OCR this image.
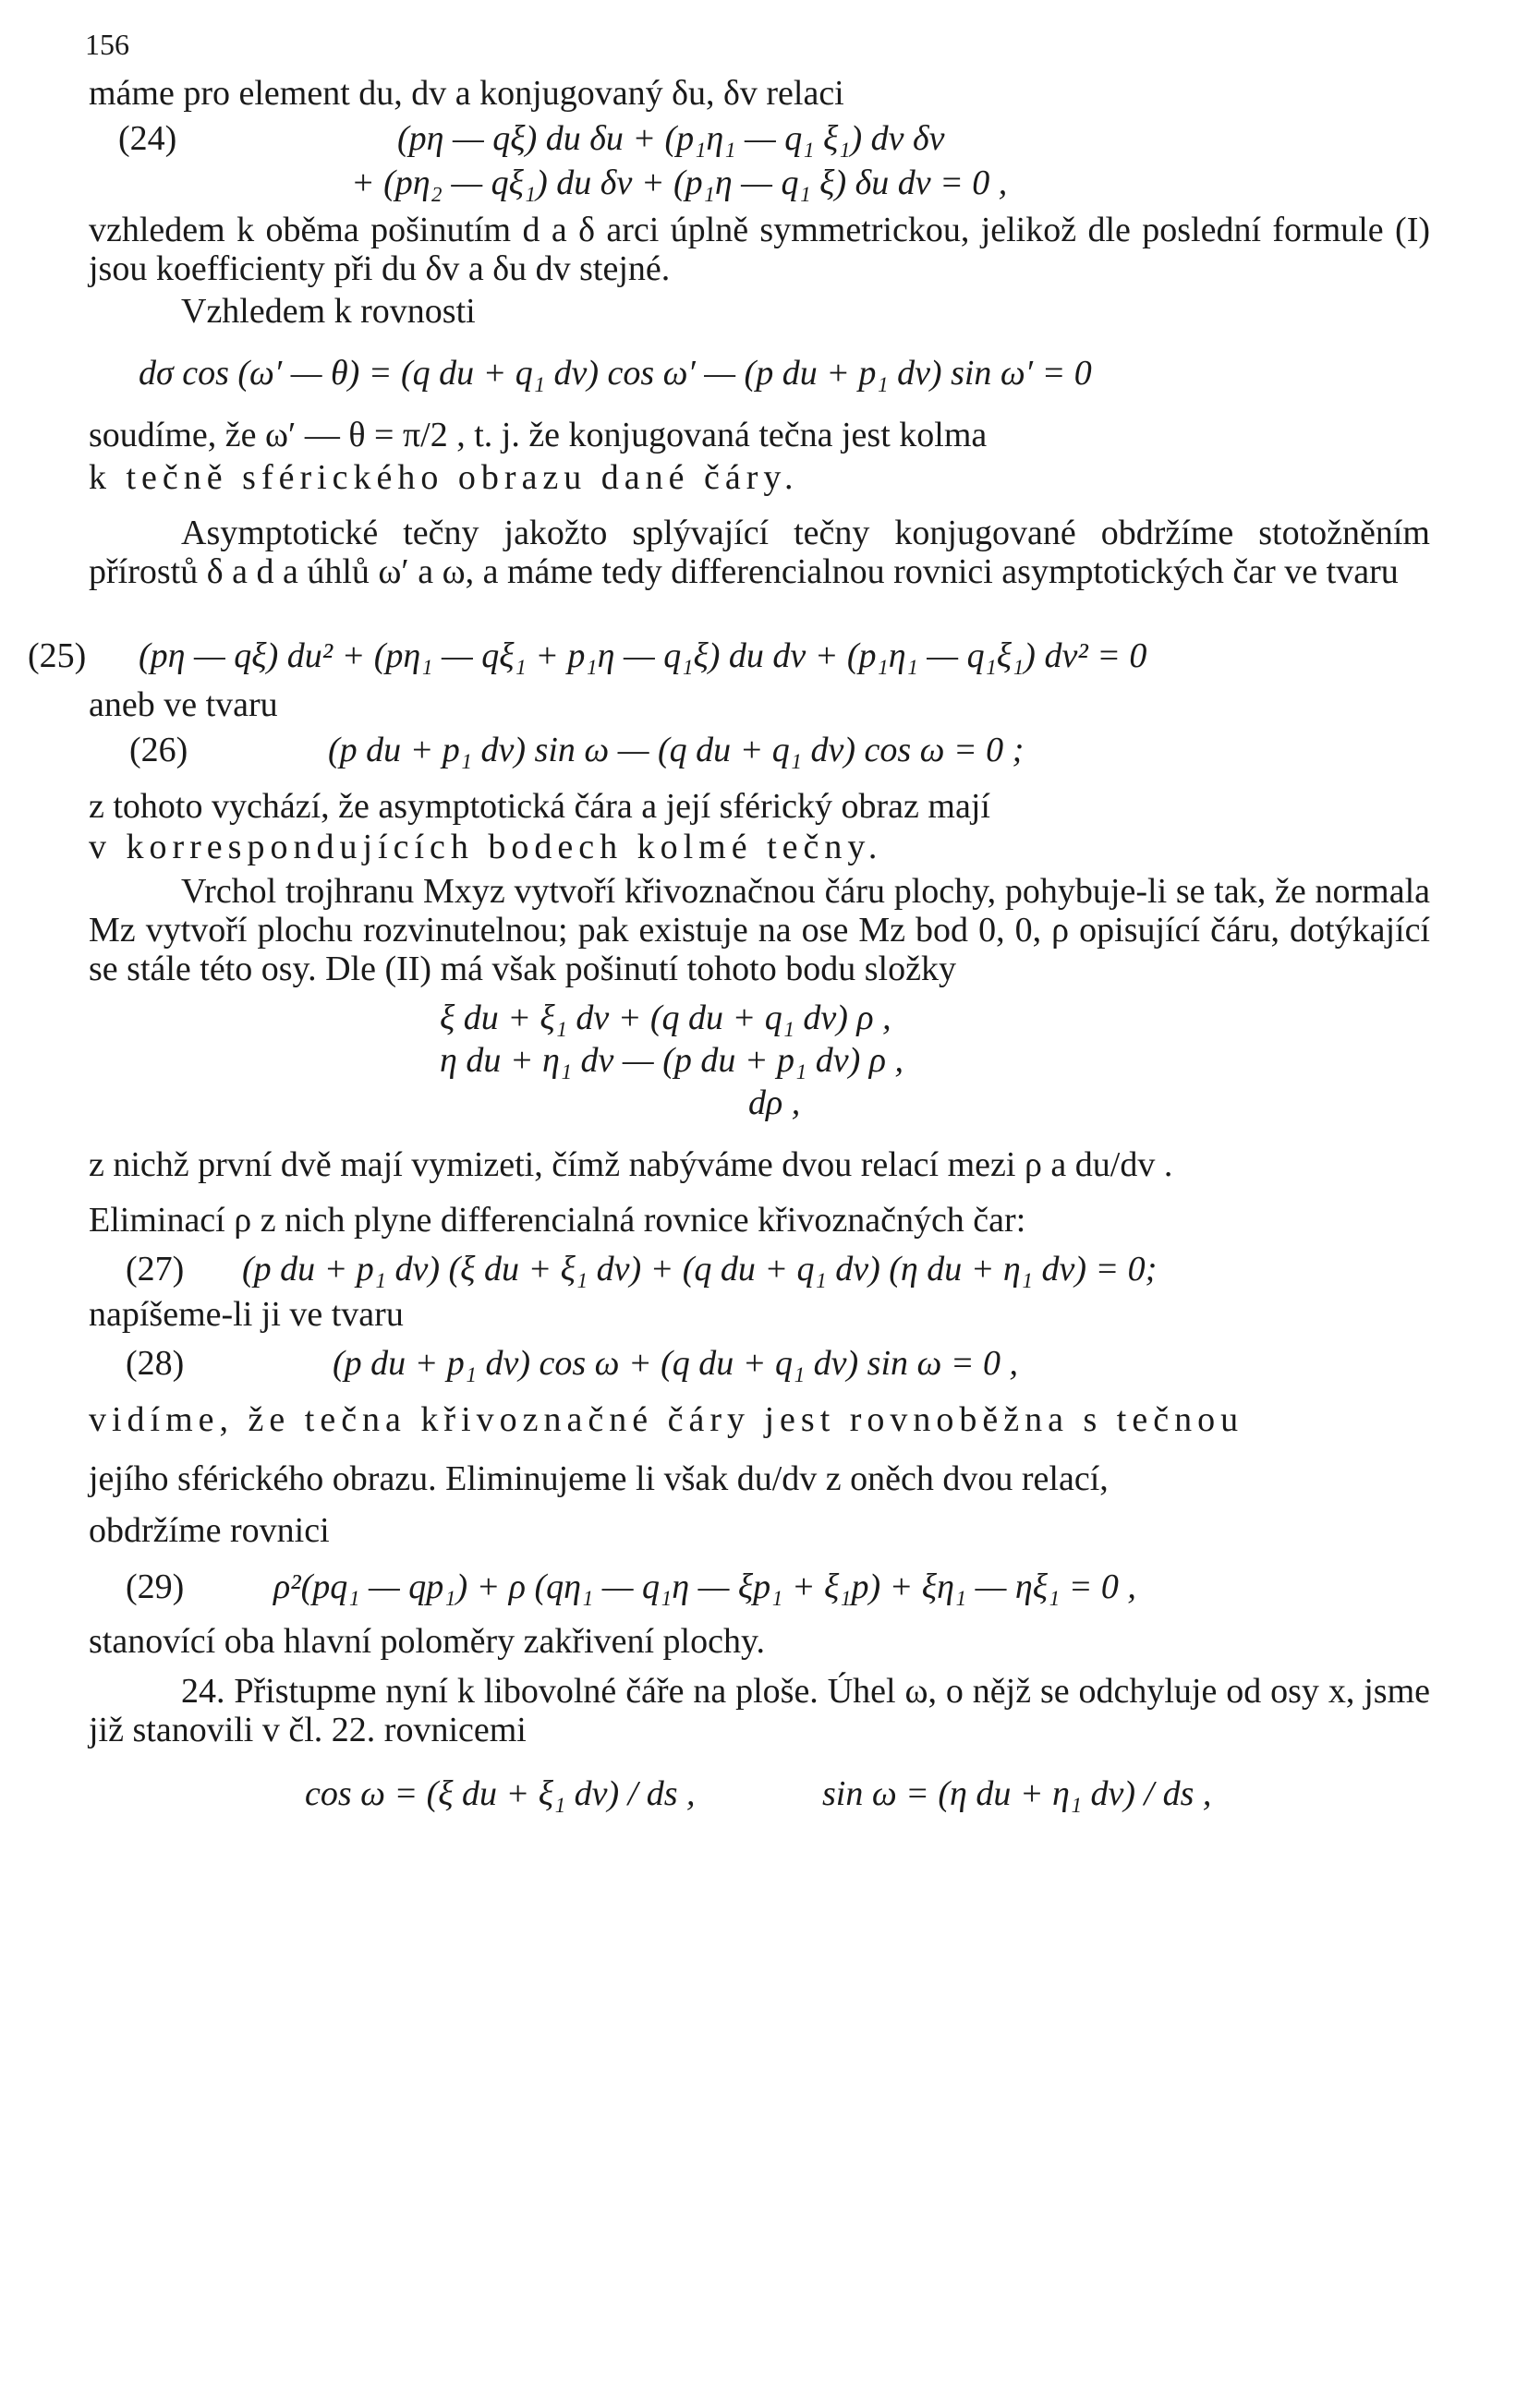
156

máme pro element du, dv a konjugovaný δu, δv relaci

(24)	(pη — qξ) du δu + (p₁η₁ — q₁ ξ₁) dv δv

+ (pη₂ — qξ₁) du δv + (p₁η — q₁ ξ) δu dv = 0 ,

vzhledem k oběma pošinutím d a δ arci úplně symmetrickou, jelikož dle poslední formule (I) jsou koefficienty při du δv a δu dv stejné.

Vzhledem k rovnosti

dσ cos (ω′ — θ) = (q du + q₁ dv) cos ω′ — (p du + p₁ dv) sin ω′ = 0

soudíme, že ω′ — θ = π/2 , t. j. že konjugovaná tečna jest kolma

k tečně sférického obrazu dané čáry.

Asymptotické tečny jakožto splývající tečny konjugované obdržíme stotožněním přírostů δ a d a úhlů ω′ a ω, a máme tedy differencialnou rovnici asymptotických čar ve tvaru

(25) (pη — qξ) du² + (pη₁ — qξ₁ + p₁η — q₁ξ) du dv + (p₁η₁ — q₁ξ₁) dv² = 0

aneb ve tvaru

(26)	(p du + p₁ dv) sin ω — (q du + q₁ dv) cos ω = 0 ;

z tohoto vychází, že asymptotická čára a její sférický obraz mají

v korrespondujících bodech kolmé tečny.

Vrchol trojhranu Mxyz vytvoří křivoznačnou čáru plochy, pohybuje-li se tak, že normala Mz vytvoří plochu rozvinutelnou; pak existuje na ose Mz bod 0, 0, ρ opisující čáru, dotýkající se stále této osy. Dle (II) má však pošinutí tohoto bodu složky

ξ du + ξ₁ dv + (q du + q₁ dv) ρ ,

η du + η₁ dv — (p du + p₁ dv) ρ ,

dρ ,

z nichž první dvě mají vymizeti, čímž nabýváme dvou relací mezi ρ a du/dv .

Eliminací ρ z nich plyne differencialná rovnice křivoznačných čar:

(27) (p du + p₁ dv) (ξ du + ξ₁ dv) + (q du + q₁ dv) (η du + η₁ dv) = 0;

napíšeme-li ji ve tvaru

(28)	(p du + p₁ dv) cos ω + (q du + q₁ dv) sin ω = 0 ,

vidíme, že tečna křivoznačné čáry jest rovnoběžna s tečnou

jejího sférického obrazu. Eliminujeme li však du/dv z oněch dvou relací,

obdržíme rovnici

(29)	ρ²(pq₁ — qp₁) + ρ (qη₁ — q₁η — ξp₁ + ξ₁p) + ξη₁ — ηξ₁ = 0 ,

stanovící oba hlavní poloměry zakřivení plochy.

24. Přistupme nyní k libovolné čáře na ploše. Úhel ω, o nějž se odchyluje od osy x, jsme již stanovili v čl. 22. rovnicemi

cos ω = (ξ du + ξ₁ dv) / ds ,	sin ω = (η du + η₁ dv) / ds ,
